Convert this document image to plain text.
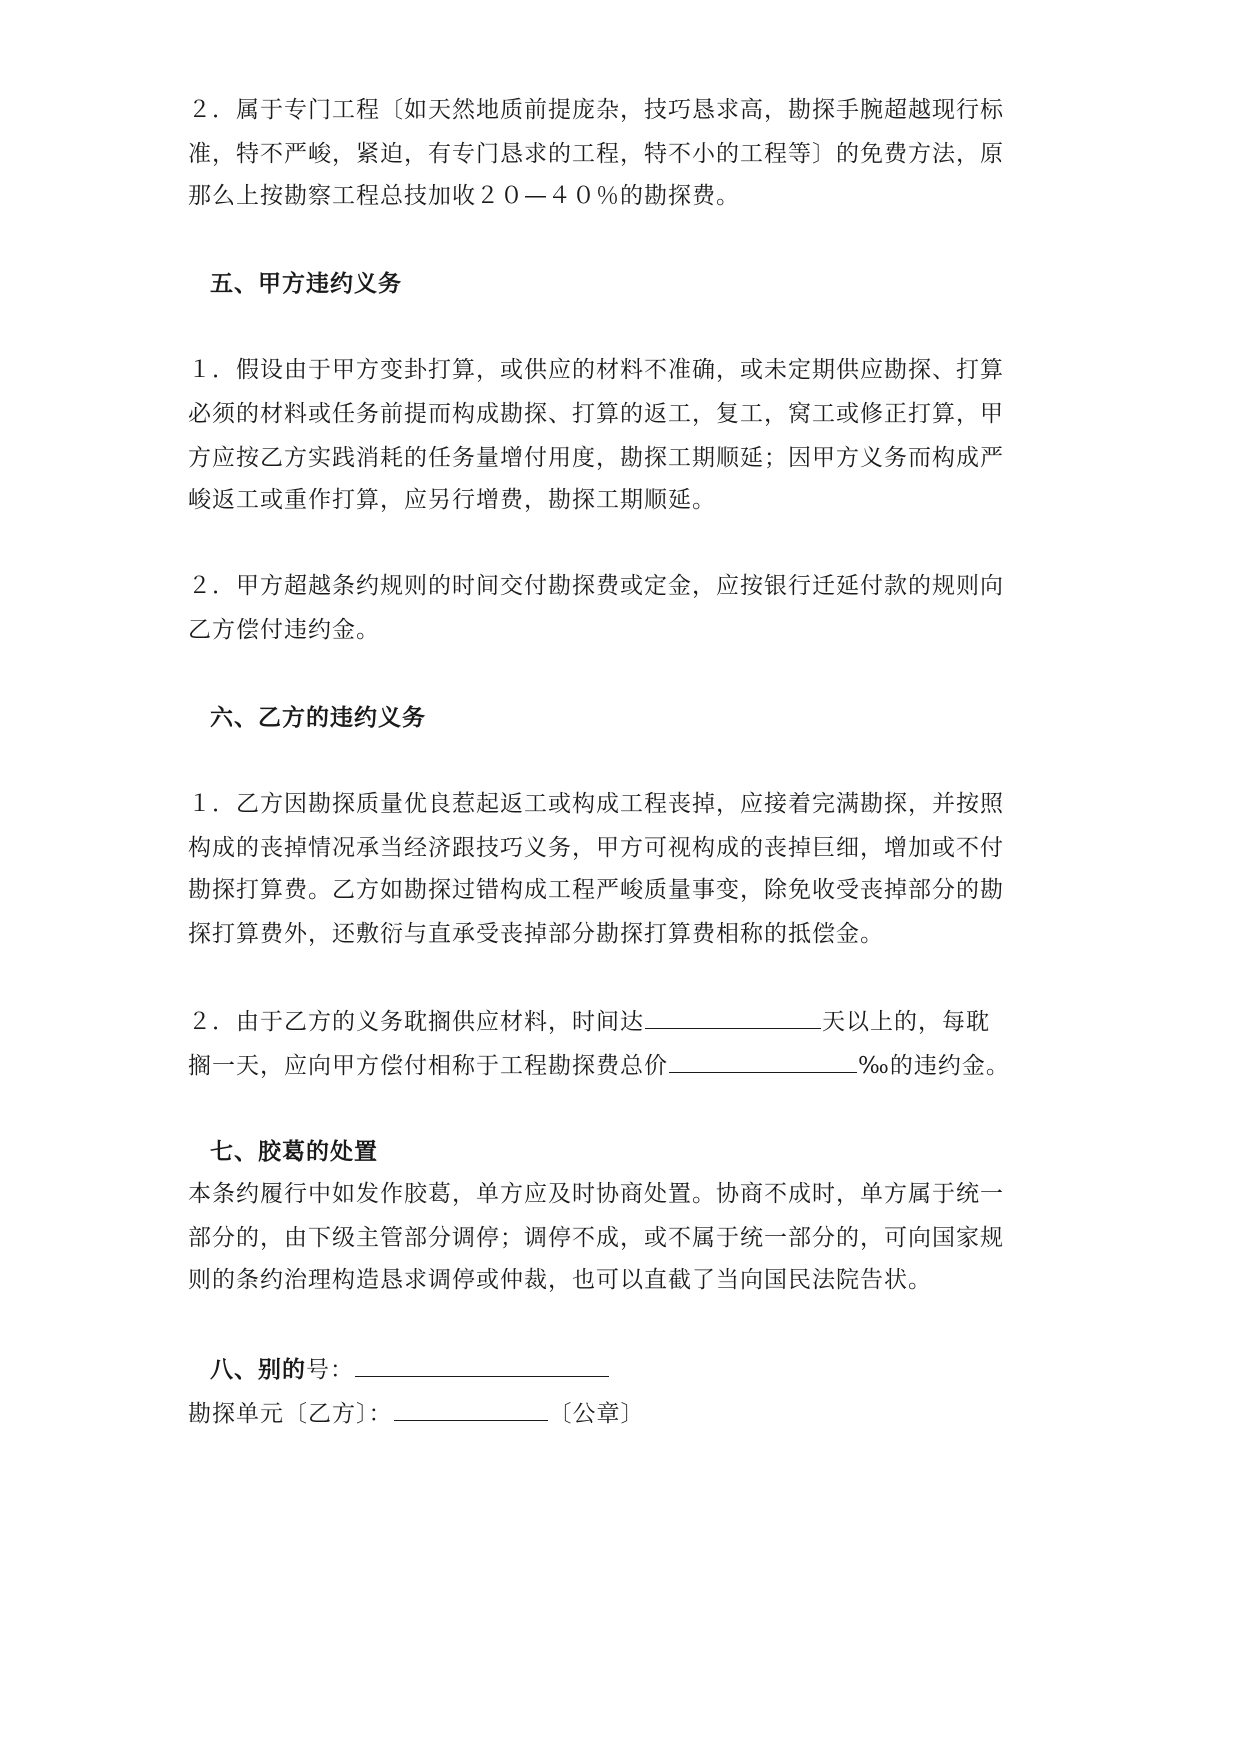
２．属于专门工程〔如天然地质前提庞杂，技巧恳求高，勘探手腕超越现行标
准，特不严峻，紧迫，有专门恳求的工程，特不小的工程等〕的免费方法，原
那么上按勘察工程总技加收２０—４０％的勘探费。
五、甲方违约义务
１．假设由于甲方变卦打算，或供应的材料不准确，或未定期供应勘探、打算
必须的材料或任务前提而构成勘探、打算的返工，复工，窝工或修正打算，甲
方应按乙方实践消耗的任务量增付用度，勘探工期顺延；因甲方义务而构成严
峻返工或重作打算，应另行增费，勘探工期顺延。
２．甲方超越条约规则的时间交付勘探费或定金，应按银行迁延付款的规则向
乙方偿付违约金。
六、乙方的违约义务
１．乙方因勘探质量优良惹起返工或构成工程丧掉，应接着完满勘探，并按照
构成的丧掉情况承当经济跟技巧义务，甲方可视构成的丧掉巨细，增加或不付
勘探打算费。乙方如勘探过错构成工程严峻质量事变，除免收受丧掉部分的勘
探打算费外，还敷衍与直承受丧掉部分勘探打算费相称的抵偿金。
２．由于乙方的义务耽搁供应材料，时间达	天以上的，每耽
搁一天，应向甲方偿付相称于工程勘探费总价	‰的违约金。
七、胶葛的处置
本条约履行中如发作胶葛，单方应及时协商处置。协商不成时，单方属于统一
部分的，由下级主管部分调停；调停不成，或不属于统一部分的，可向国家规
则的条约治理构造恳求调停或仲裁，也可以直截了当向国民法院告状。
八、别的号：
勘探单元〔乙方〕：	〔公章〕
